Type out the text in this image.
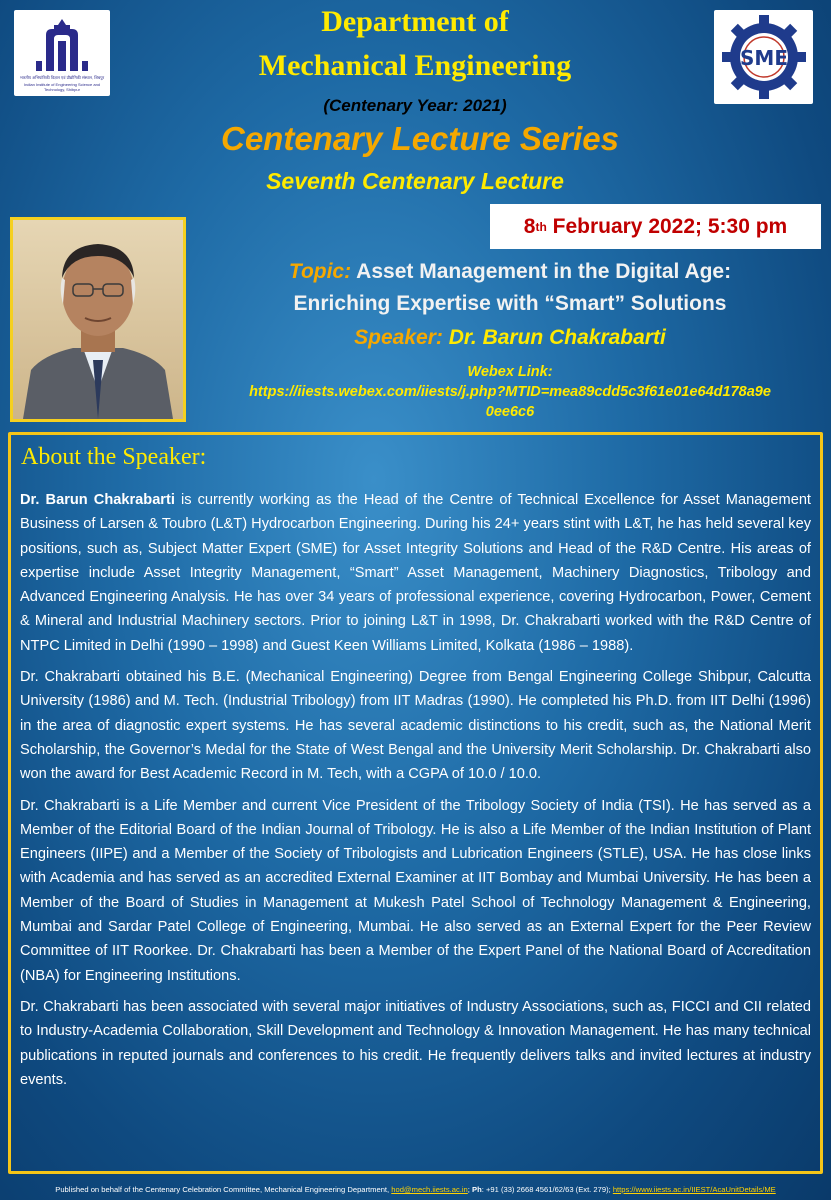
भारतीय अभियांत्रिकी विज्ञान एवं प्रौद्योगिकी संस्थान, शिबपुर
Indian Institute of Engineering Science and Technology, Shibpur
SME
Department of
Mechanical Engineering
(Centenary Year: 2021)
Centenary Lecture Series
Seventh Centenary Lecture
8 th February 2022; 5:30 pm
Topic: Asset Management in the Digital Age:
Enriching Expertise with “Smart” Solutions
Speaker: Dr. Barun Chakrabarti
Webex Link:
https://iiests.webex.com/iiests/j.php?MTID=mea89cdd5c3f61e01e64d178a9e
0ee6c6
About the Speaker:

Dr. Barun Chakrabarti is currently working as the Head of the Centre of Technical Excellence for Asset Management Business of Larsen & Toubro (L&T) Hydrocarbon Engineering. During his 24+ years stint with L&T, he has held several key positions, such as, Subject Matter Expert (SME) for Asset Integrity Solutions and Head of the R&D Centre. His areas of expertise include Asset Integrity Management, “Smart” Asset Management, Machinery Diagnostics, Tribology and Advanced Engineering Analysis. He has over 34 years of professional experience, covering Hydrocarbon, Power, Cement & Mineral and Industrial Machinery sectors. Prior to joining L&T in 1998, Dr. Chakrabarti worked with the R&D Centre of NTPC Limited in Delhi (1990 – 1998) and Guest Keen Williams Limited, Kolkata (1986 – 1988).

Dr. Chakrabarti obtained his B.E. (Mechanical Engineering) Degree from Bengal Engineering College Shibpur, Calcutta University (1986) and M. Tech. (Industrial Tribology) from IIT Madras (1990). He completed his Ph.D. from IIT Delhi (1996) in the area of diagnostic expert systems. He has several academic distinctions to his credit, such as, the National Merit Scholarship, the Governor’s Medal for the State of West Bengal and the University Merit Scholarship. Dr. Chakrabarti also won the award for Best Academic Record in M. Tech, with a CGPA of 10.0 / 10.0.

Dr. Chakrabarti is a Life Member and current Vice President of the Tribology Society of India (TSI). He has served as a Member of the Editorial Board of the Indian Journal of Tribology. He is also a Life Member of the Indian Institution of Plant Engineers (IIPE) and a Member of the Society of Tribologists and Lubrication Engineers (STLE), USA. He has close links with Academia and has served as an accredited External Examiner at IIT Bombay and Mumbai University. He has been a Member of the Board of Studies in Management at Mukesh Patel School of Technology Management & Engineering, Mumbai and Sardar Patel College of Engineering, Mumbai. He also served as an External Expert for the Peer Review Committee of IIT Roorkee. Dr. Chakrabarti has been a Member of the Expert Panel of the National Board of Accreditation (NBA) for Engineering Institutions.

Dr. Chakrabarti has been associated with several major initiatives of Industry Associations, such as, FICCI and CII related to Industry-Academia Collaboration, Skill Development and Technology & Innovation Management. He has many technical publications in reputed journals and conferences to his credit. He frequently delivers talks and invited lectures at industry events.

Published on behalf of the Centenary Celebration Committee, Mechanical Engineering Department, hod@mech.iiests.ac.in; Ph: +91 (33) 2668 4561/62/63 (Ext. 279); https://www.iiests.ac.in/IIEST/AcaUnitDetails/ME
